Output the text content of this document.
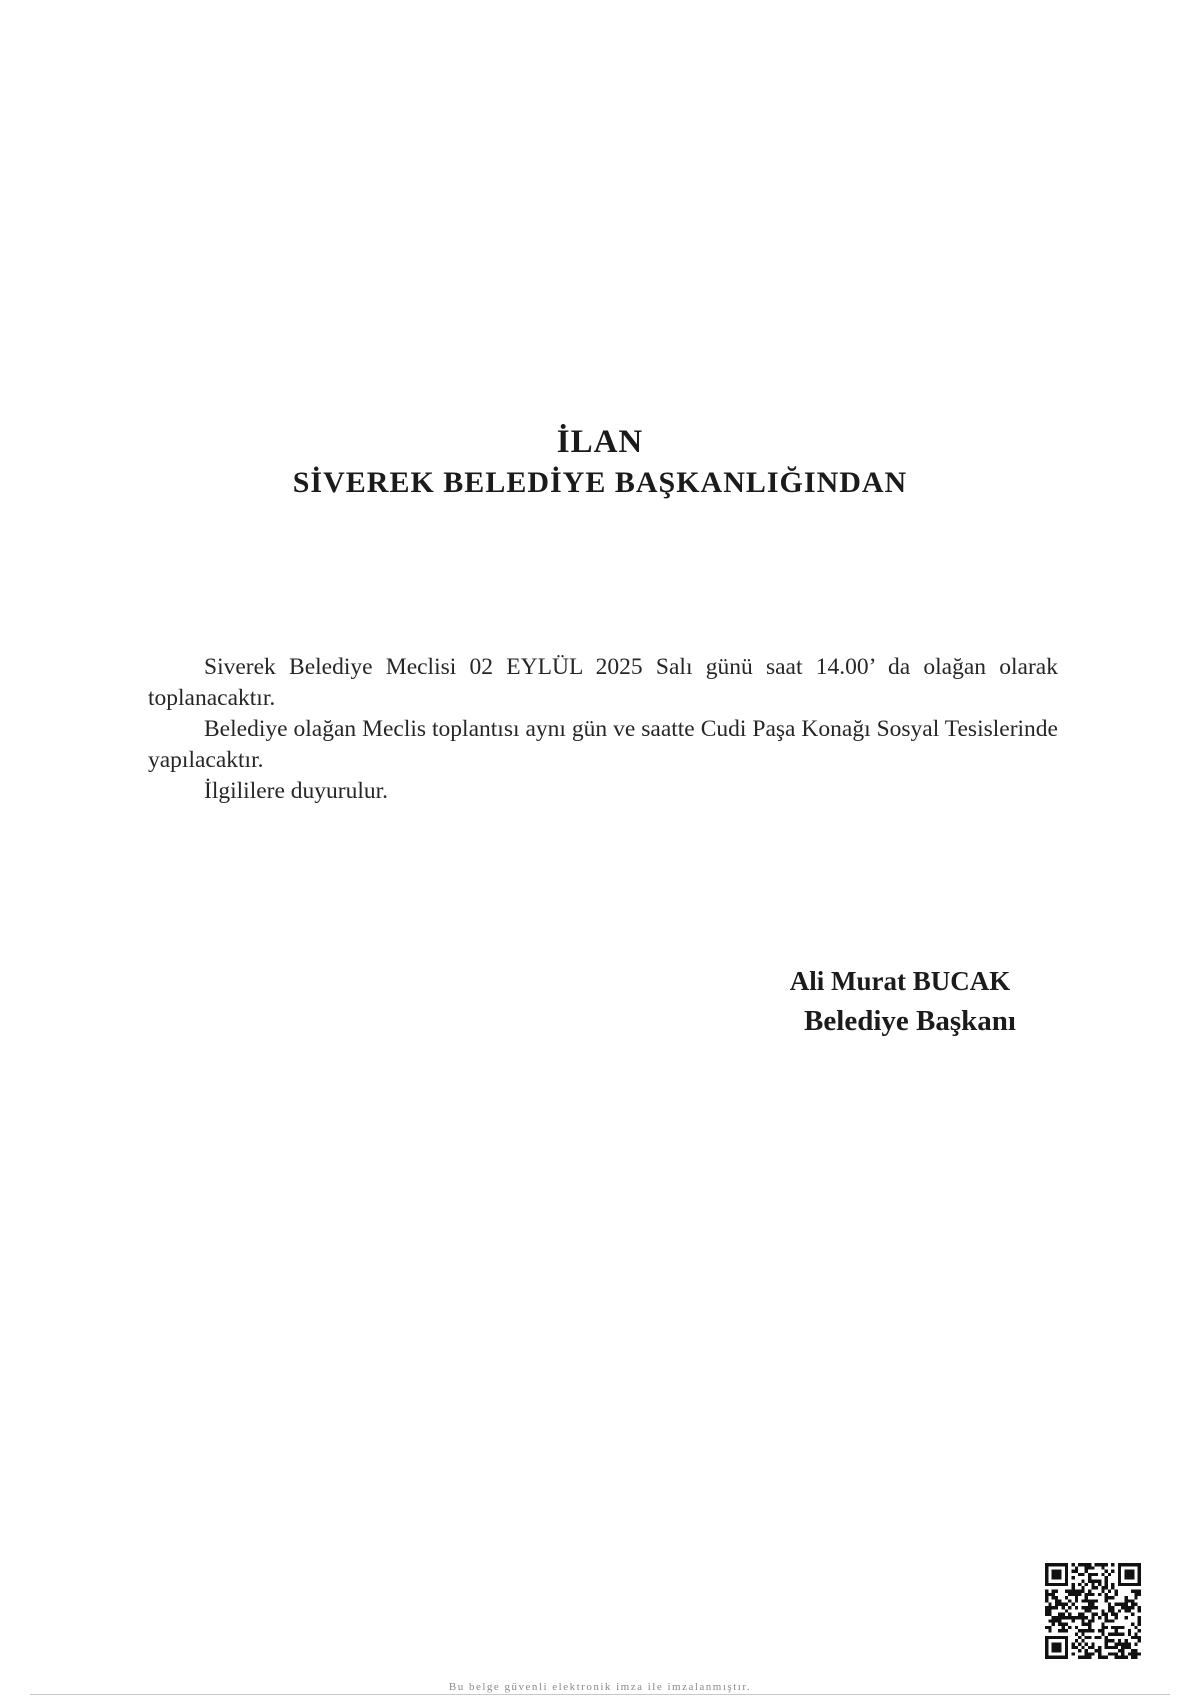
İLAN
SİVEREK BELEDİYE BAŞKANLIĞINDAN

Siverek Belediye Meclisi 02 EYLÜL 2025 Salı günü saat 14.00’ da olağan olarak toplanacaktır.

Belediye olağan Meclis toplantısı aynı gün ve saatte Cudi Paşa Konağı Sosyal Tesislerinde yapılacaktır.

İlgililere duyurulur.

Ali Murat BUCAK
Belediye Başkanı
Bu belge güvenli elektronik imza ile imzalanmıştır.
